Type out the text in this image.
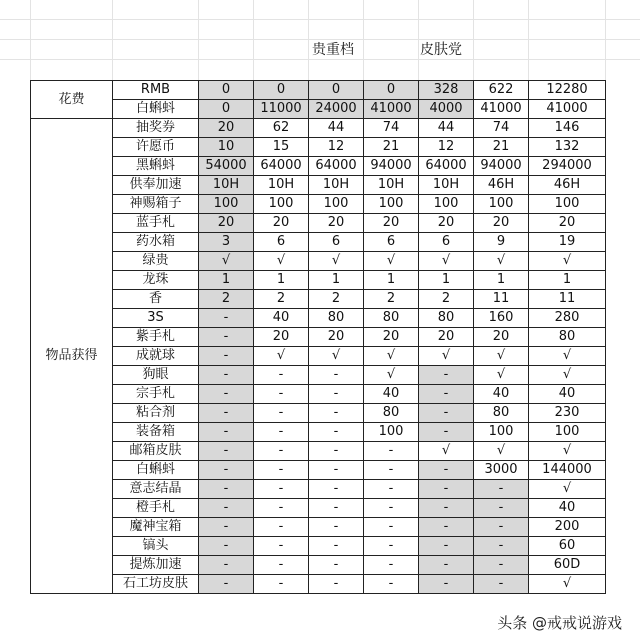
贵重档	皮肤党
花费	RMB	0	0	0	0	328	622	12280
	白蝌蚪	0	11000	24000	41000	4000	41000	41000
物品获得	抽奖券	20	62	44	74	44	74	146
	许愿币	10	15	12	21	12	21	132
	黑蝌蚪	54000	64000	64000	94000	64000	94000	294000
	供奉加速	10H	10H	10H	10H	10H	46H	46H
	神赐箱子	100	100	100	100	100	100	100
	蓝手札	20	20	20	20	20	20	20
	药水箱	3	6	6	6	6	9	19
	绿贵	√	√	√	√	√	√	√
	龙珠	1	1	1	1	1	1	1
	香	2	2	2	2	2	11	11
	3S	-	40	80	80	80	160	280
	紫手札	-	20	20	20	20	20	80
	成就球	-	√	√	√	√	√	√
	狗眼	-	-	-	√	-	√	√
	宗手札	-	-	-	40	-	40	40
	粘合剂	-	-	-	80	-	80	230
	装备箱	-	-	-	100	-	100	100
	邮箱皮肤	-	-	-	-	√	√	√
	白蝌蚪	-	-	-	-	-	3000	144000
	意志结晶	-	-	-	-	-	-	√
	橙手札	-	-	-	-	-	-	40
	魔神宝箱	-	-	-	-	-	-	200
	镐头	-	-	-	-	-	-	60
	提炼加速	-	-	-	-	-	-	60D
	石工坊皮肤	-	-	-	-	-	-	√
头条 @戒戒说游戏
